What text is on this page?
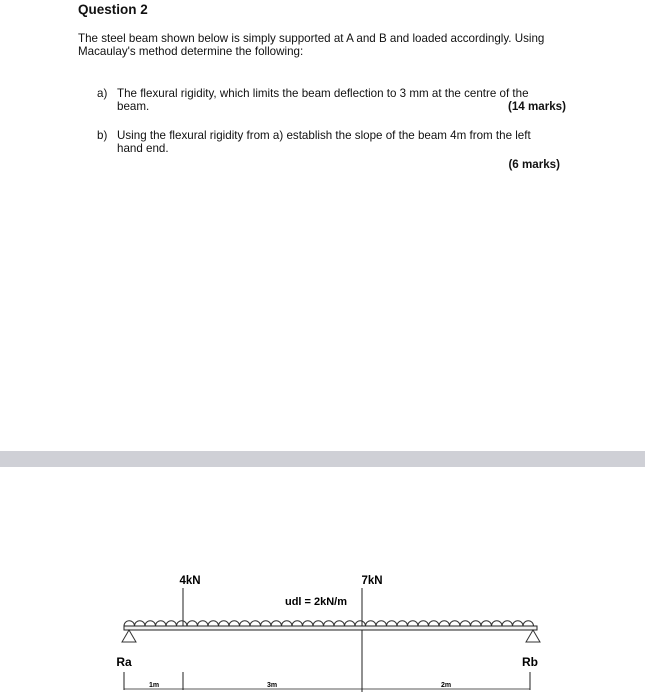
Question 2
The steel beam shown below is simply supported at A and B and loaded accordingly. Using
Macaulay's method determine the following:
a) The flexural rigidity, which limits the beam deflection to 3 mm at the centre of the
beam.	(14 marks)
b) Using the flexural rigidity from a) establish the slope of the beam 4m from the left
hand end.
(6 marks)
4kN	7kN
udl = 2kN/m
Ra	Rb
1m	3m	2m
